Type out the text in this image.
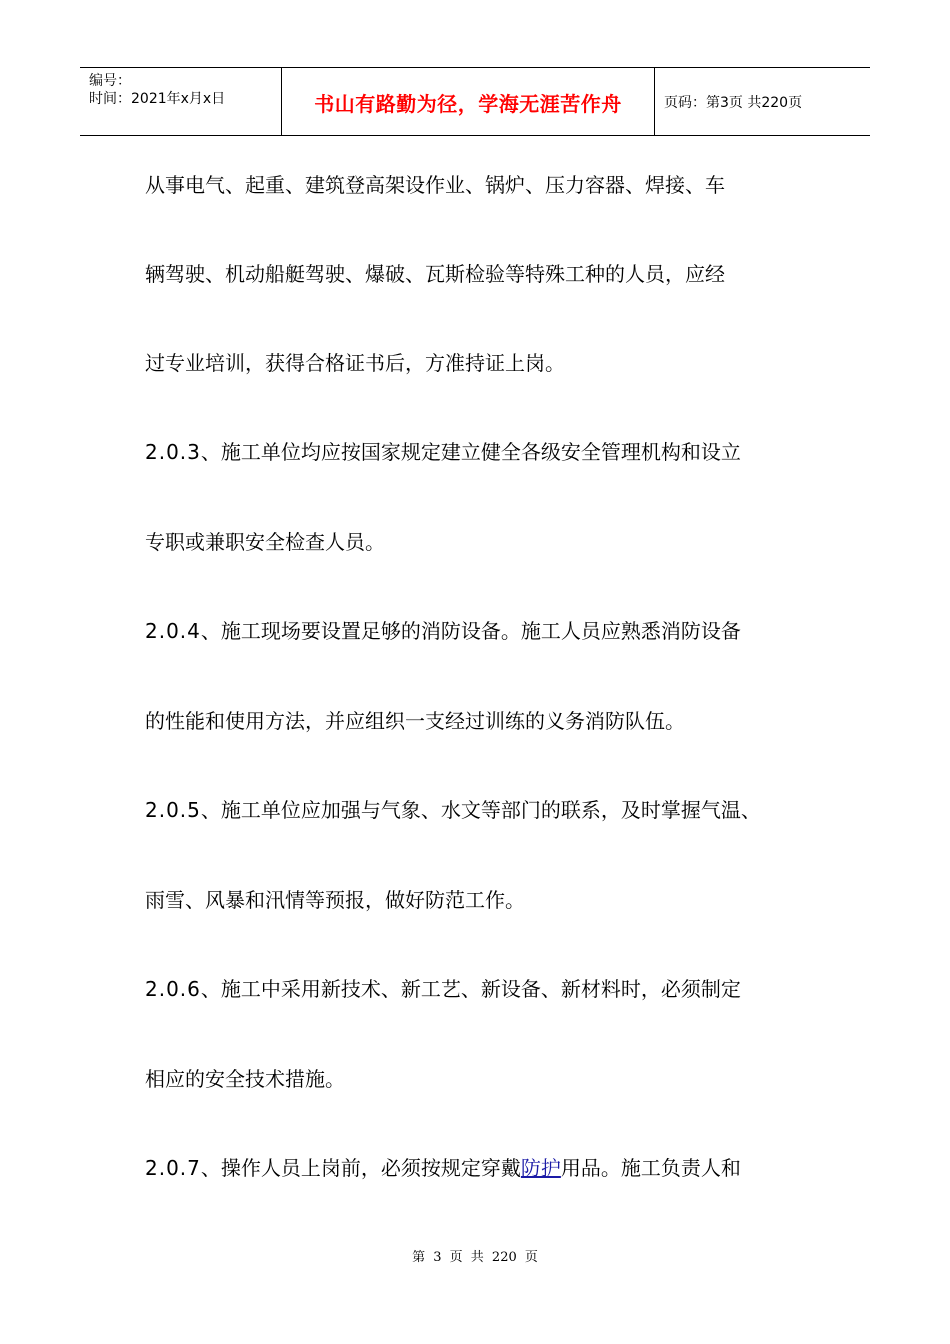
编号：
时间：2021年x月x日	书山有路勤为径，学海无涯苦作舟	页码：第3页 共220页
从事电气、起重、建筑登高架设作业、锅炉、压力容器、焊接、车
辆驾驶、机动船艇驾驶、爆破、瓦斯检验等特殊工种的人员，应经
过专业培训，获得合格证书后，方准持证上岗。
2.0.3、施工单位均应按国家规定建立健全各级安全管理机构和设立
专职或兼职安全检查人员。
2.0.4、施工现场要设置足够的消防设备。施工人员应熟悉消防设备
的性能和使用方法，并应组织一支经过训练的义务消防队伍。
2.0.5、施工单位应加强与气象、水文等部门的联系，及时掌握气温、
雨雪、风暴和汛情等预报，做好防范工作。
2.0.6、施工中采用新技术、新工艺、新设备、新材料时，必须制定
相应的安全技术措施。
2.0.7、操作人员上岗前，必须按规定穿戴防护用品。施工负责人和
第 3 页 共 220 页
